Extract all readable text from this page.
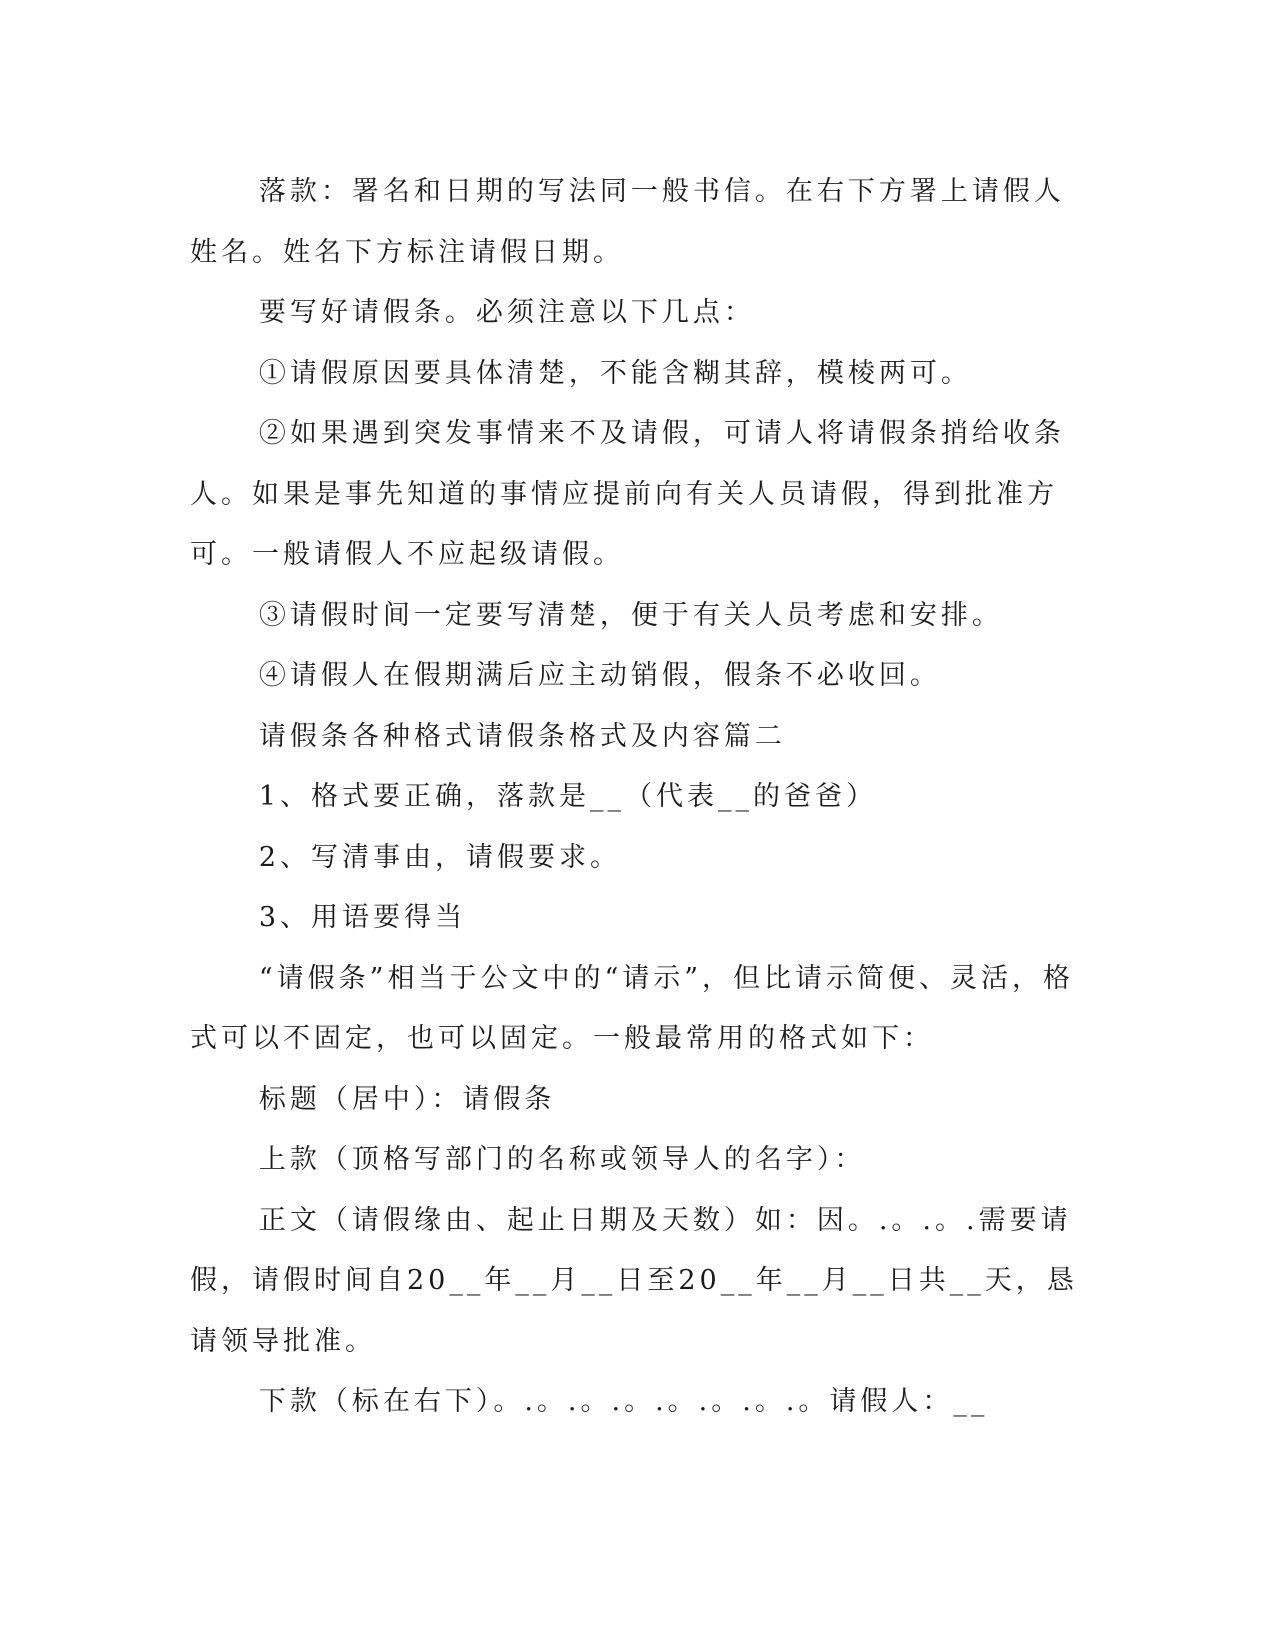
落款：署名和日期的写法同一般书信。在右下方署上请假人姓名。姓名下方标注请假日期。

要写好请假条。必须注意以下几点：

①请假原因要具体清楚，不能含糊其辞，模棱两可。

②如果遇到突发事情来不及请假，可请人将请假条捎给收条人。如果是事先知道的事情应提前向有关人员请假，得到批准方可。一般请假人不应起级请假。

③请假时间一定要写清楚，便于有关人员考虑和安排。

④请假人在假期满后应主动销假，假条不必收回。

请假条各种格式请假条格式及内容篇二

1、格式要正确，落款是__（代表__的爸爸）

2、写清事由，请假要求。

3、用语要得当

“请假条”相当于公文中的“请示”，但比请示简便、灵活，格式可以不固定，也可以固定。一般最常用的格式如下：

标题（居中）：请假条

上款（顶格写部门的名称或领导人的名字）：

正文（请假缘由、起止日期及天数）如：因。.。.。.需要请假，请假时间自20__年__月__日至20__年__月__日共__天，恳请领导批准。

下款（标在右下）。.。.。.。.。.。.。.。请假人：__
